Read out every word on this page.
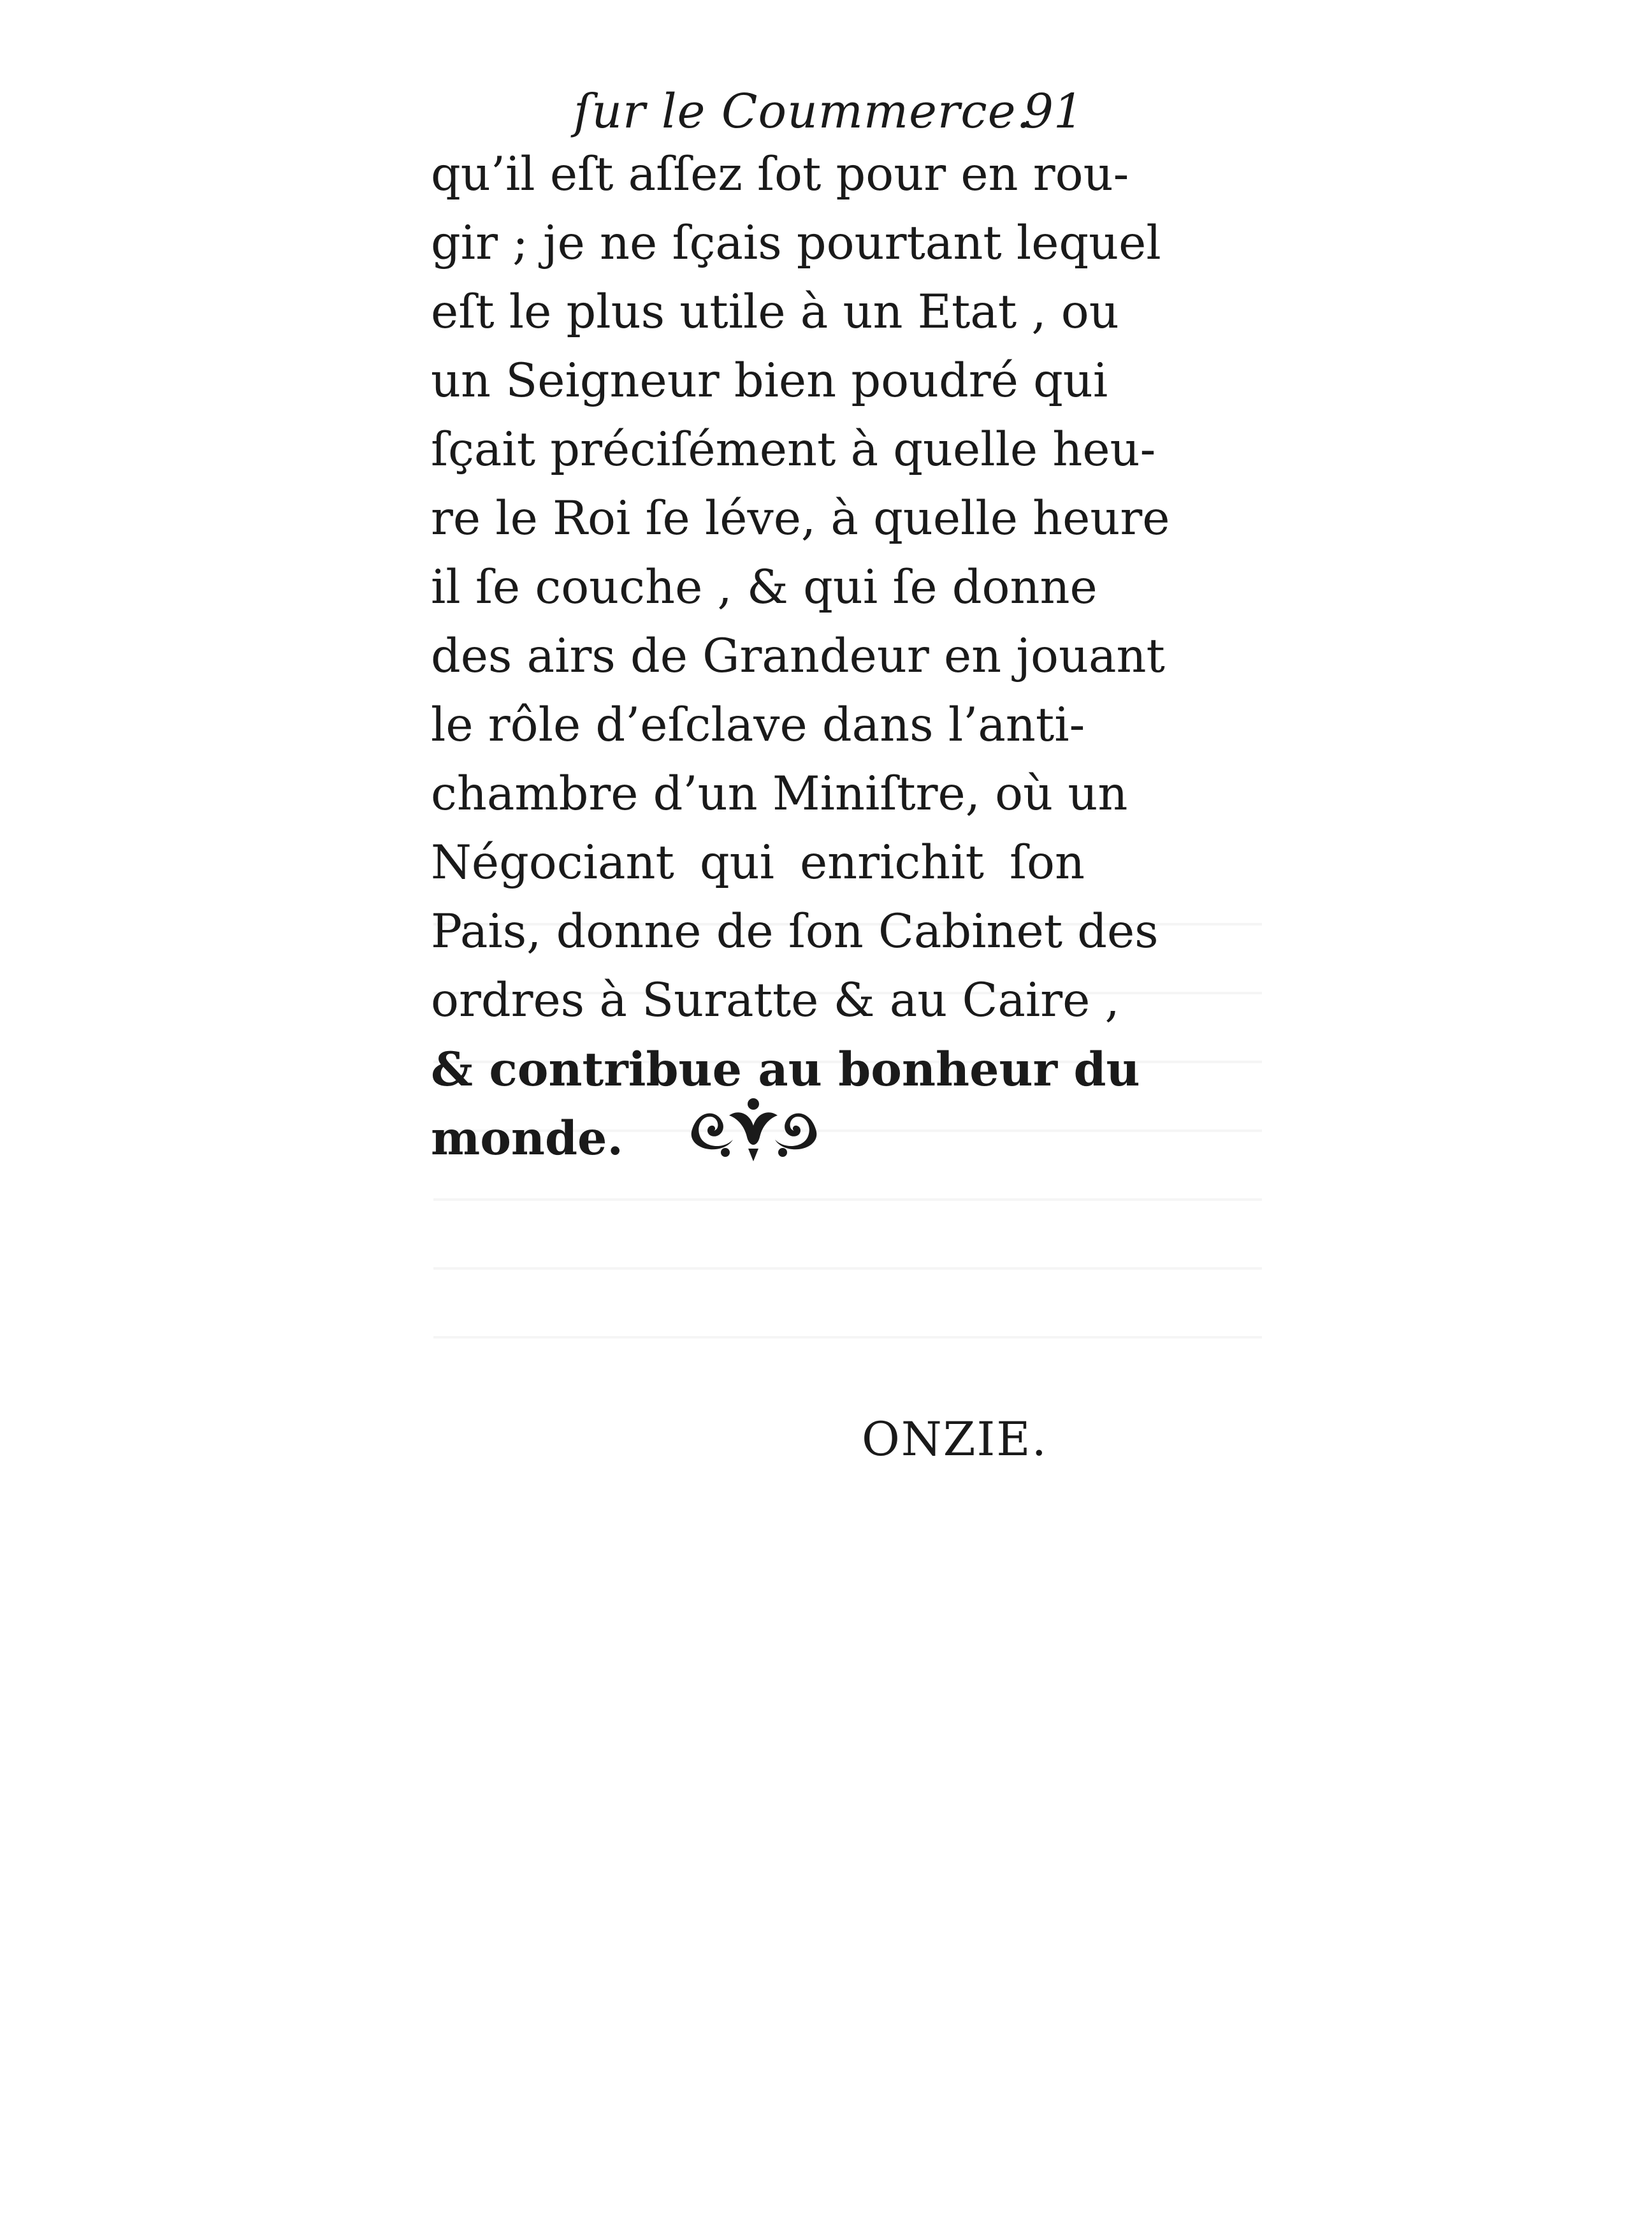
ſur le Coummerce.
91
qu’il eſt aſſez ſot pour en rou-
gir ; je ne ſçais pourtant lequel
eſt le plus utile à un Etat , ou
un Seigneur bien poudré qui
ſçait préciſément à quelle heu-
re le Roi ſe léve, à quelle heure
il ſe couche , & qui ſe donne
des airs de Grandeur en jouant
le rôle d’eſclave dans l’anti-
chambre d’un Miniſtre, où un
Négociant qui enrichit ſon
Pais, donne de ſon Cabinet des
ordres à Suratte & au Caire ,
& contribue au bonheur du
monde.
ONZIE.
